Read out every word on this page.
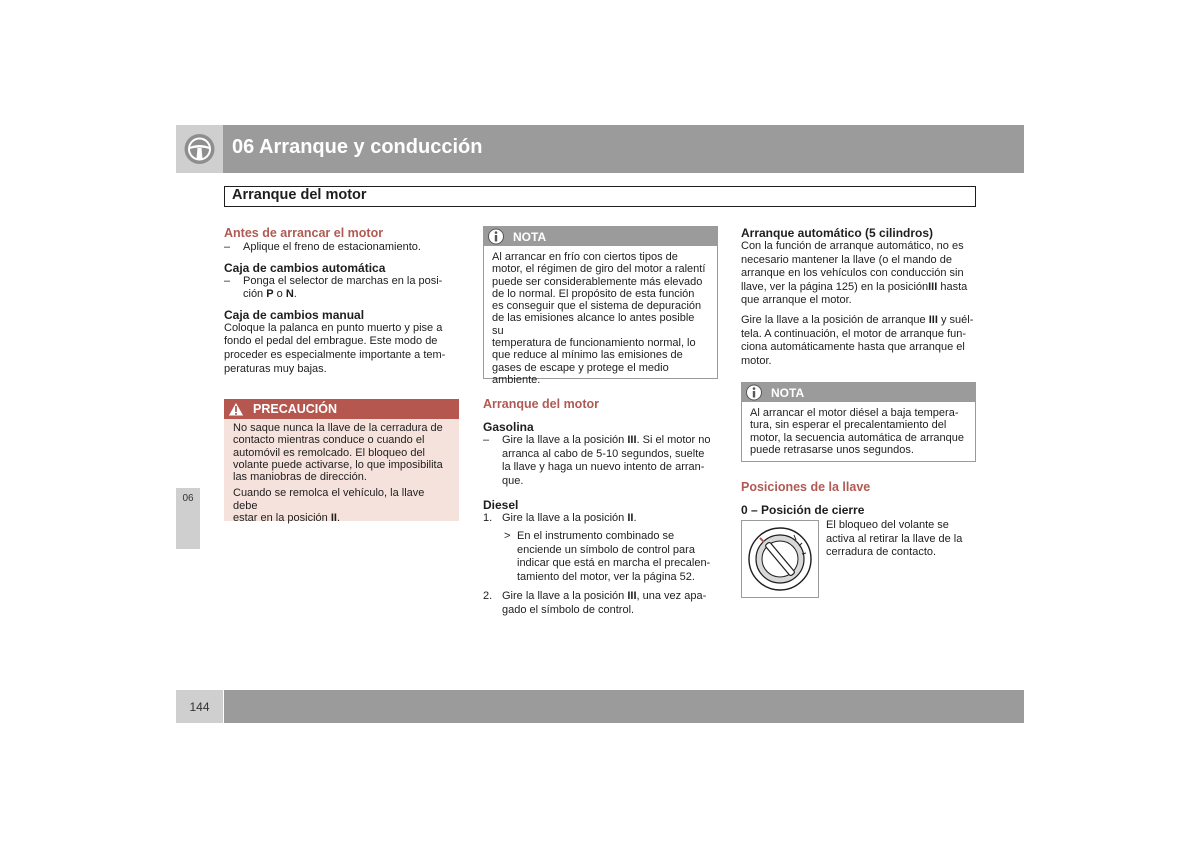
06 Arranque y conducción
Arranque del motor
06
144

Antes de arrancar el motor

– Aplique el freno de estacionamiento.

Caja de cambios automática

– Ponga el selector de marchas en la posi-
ción P o N.

Caja de cambios manual

Coloque la palanca en punto muerto y pise a

fondo el pedal del embrague. Este modo de

proceder es especialmente importante a tem-

peraturas muy bajas.

PRECAUCIÓN

No saque nunca la llave de la cerradura de

contacto mientras conduce o cuando el

automóvil es remolcado. El bloqueo del

volante puede activarse, lo que imposibilita

las maniobras de dirección.

Cuando se remolca el vehículo, la llave debe

estar en la posición II.

NOTA

Al arrancar en frío con ciertos tipos de

motor, el régimen de giro del motor a ralentí

puede ser considerablemente más elevado

de lo normal. El propósito de esta función

es conseguir que el sistema de depuración

de las emisiones alcance lo antes posible su

temperatura de funcionamiento normal, lo

que reduce al mínimo las emisiones de

gases de escape y protege el medio

ambiente.

Arranque del motor

Gasolina

– Gire la llave a la posición III. Si el motor no
arranca al cabo de 5-10 segundos, suelte
la llave y haga un nuevo intento de arran-
que.

Diesel

1. Gire la llave a la posición II.
> En el instrumento combinado se
enciende un símbolo de control para
indicar que está en marcha el precalen-
tamiento del motor, ver la página 52.
2. Gire la llave a la posición III, una vez apa-
gado el símbolo de control.

Arranque automático (5 cilindros)

Con la función de arranque automático, no es

necesario mantener la llave (o el mando de

arranque en los vehículos con conducción sin

llave, ver la página 125) en la posiciónIII hasta

que arranque el motor.

Gire la llave a la posición de arranque III y suél-

tela. A continuación, el motor de arranque fun-

ciona automáticamente hasta que arranque el

motor.

NOTA

Al arrancar el motor diésel a baja tempera-

tura, sin esperar el precalentamiento del

motor, la secuencia automática de arranque

puede retrasarse unos segundos.

Posiciones de la llave

0 – Posición de cierre

El bloqueo del volante se

activa al retirar la llave de la

cerradura de contacto.
